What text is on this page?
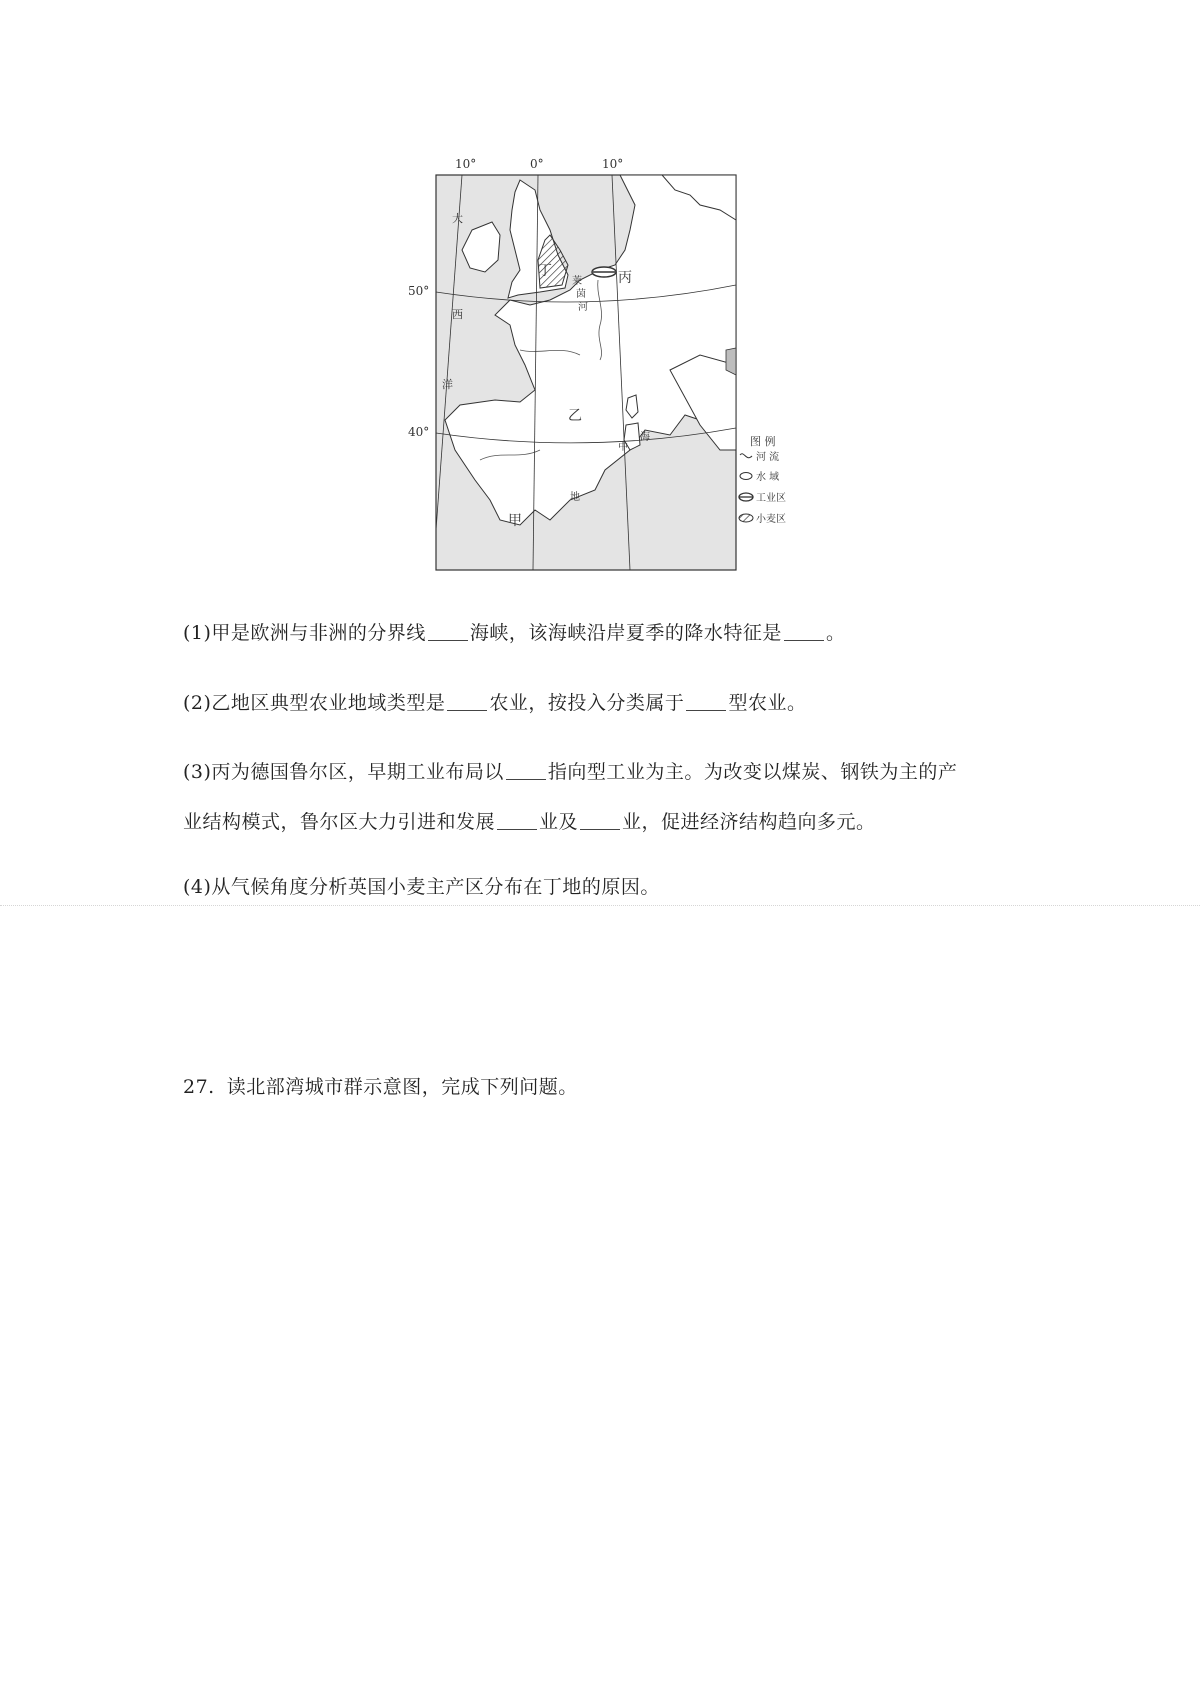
10°	0°	10°
50°
40°
大
西
洋
莱
茵
河
地
中
海
甲
乙
丙
丁
图 例
河 流
水 域
工业区
小麦区
(1)甲是欧洲与非洲的分界线 海峡，该海峡沿岸夏季的降水特征是 。
(2)乙地区典型农业地域类型是 农业，按投入分类属于 型农业。
(3)丙为德国鲁尔区，早期工业布局以 指向型工业为主。为改变以煤炭、钢铁为主的产
业结构模式，鲁尔区大力引进和发展 业及 业，促进经济结构趋向多元。
(4)从气候角度分析英国小麦主产区分布在丁地的原因。
27. 读北部湾城市群示意图，完成下列问题。
